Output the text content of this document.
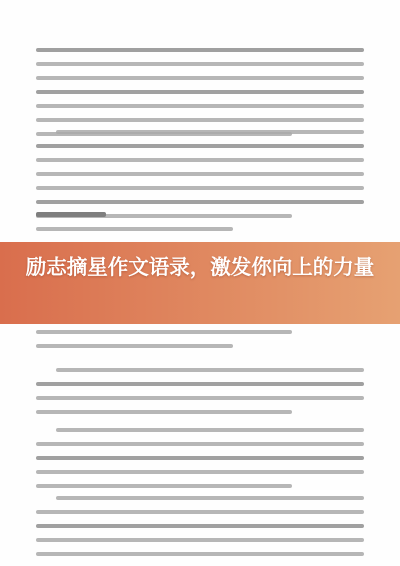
励志摘星作文语录，激发你向上的力量
